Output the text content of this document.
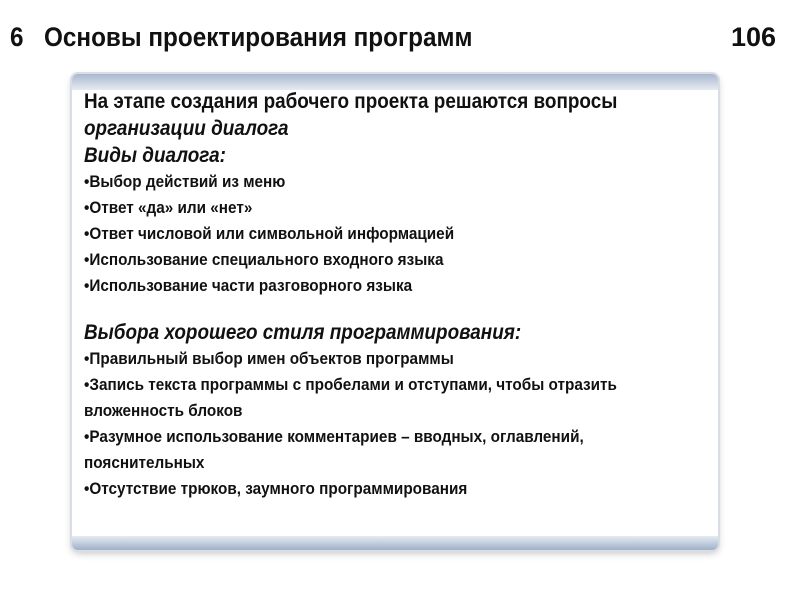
6 Основы проектирования программ	106
На этапе создания рабочего проекта решаются вопросы
организации диалога
Виды диалога:
•Выбор действий из меню
•Ответ «да» или «нет»
•Ответ числовой или символьной информацией
•Использование специального входного языка
•Использование части разговорного языка
Выбора хорошего стиля программирования:
•Правильный выбор имен объектов программы
•Запись текста программы с пробелами и отступами, чтобы отразить
вложенность блоков
•Разумное использование комментариев – вводных, оглавлений,
пояснительных
•Отсутствие трюков, заумного программирования
